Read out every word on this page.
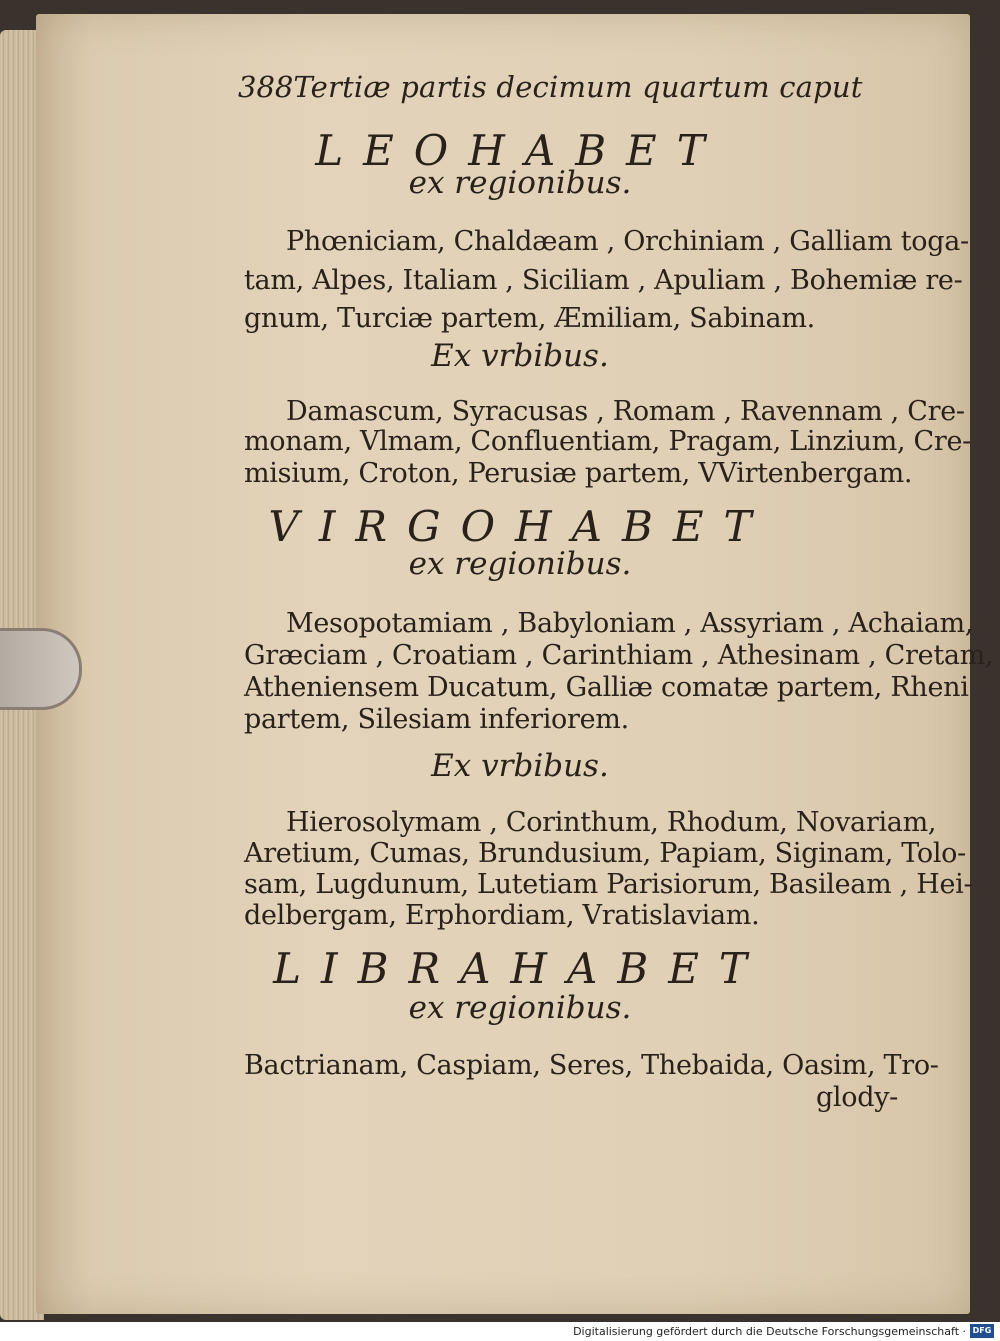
388 Tertiæ partis decimum quartum caput
LEOHABET
ex regionibus.
Phœniciam, Chaldæam , Orchiniam , Galliam toga-
tam, Alpes, Italiam , Siciliam , Apuliam , Bohemiæ re-
gnum, Turciæ partem, Æmiliam, Sabinam.
Ex vrbibus.
Damascum, Syracusas , Romam , Ravennam , Cre-
monam, Vlmam, Confluentiam, Pragam, Linzium, Cre-
misium, Croton, Perusiæ partem, VVirtenbergam.
VIRGOHABET
ex regionibus.
Mesopotamiam , Babyloniam , Assyriam , Achaiam,
Græciam , Croatiam , Carinthiam , Athesinam , Cretam,
Atheniensem Ducatum, Galliæ comatæ partem, Rheni
partem, Silesiam inferiorem.
Ex vrbibus.
Hierosolymam , Corinthum, Rhodum, Novariam,
Aretium, Cumas, Brundusium, Papiam, Siginam, Tolo-
sam, Lugdunum, Lutetiam Parisiorum, Basileam , Hei-
delbergam, Erphordiam, Vratislaviam.
LIBRAHABET
ex regionibus.
Bactrianam, Caspiam, Seres, Thebaida, Oasim, Tro-
glody-
Digitalisierung gefördert durch die Deutsche Forschungsgemeinschaft · DFG
